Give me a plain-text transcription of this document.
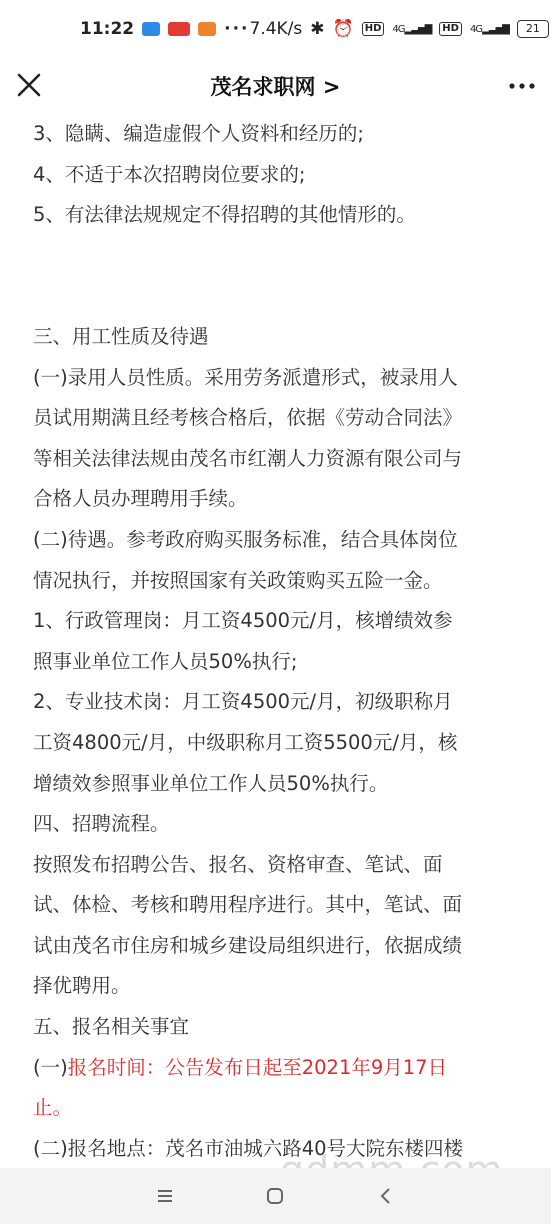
11:22	··· 7.4K/s ✱ ⏰	HD	4G▂▃▅▇	HD	4G▂▃▅▇	21
茂名求职网 >
3、隐瞒、编造虚假个人资料和经历的;
4、不适于本次招聘岗位要求的;
5、有法律法规规定不得招聘的其他情形的。
三、用工性质及待遇
(一)录用人员性质。采用劳务派遣形式，被录用人
员试用期满且经考核合格后，依据《劳动合同法》
等相关法律法规由茂名市红潮人力资源有限公司与
合格人员办理聘用手续。
(二)待遇。参考政府购买服务标准，结合具体岗位
情况执行，并按照国家有关政策购买五险一金。
1、行政管理岗：月工资4500元/月，核增绩效参
照事业单位工作人员50%执行;
2、专业技术岗：月工资4500元/月，初级职称月
工资4800元/月，中级职称月工资5500元/月，核
增绩效参照事业单位工作人员50%执行。
四、招聘流程。
按照发布招聘公告、报名、资格审查、笔试、面
试、体检、考核和聘用程序进行。其中，笔试、面
试由茂名市住房和城乡建设局组织进行，依据成绩
择优聘用。
五、报名相关事宜
(一)报名时间：公告发布日起至2021年9月17日
止。
(二)报名地点：茂名市油城六路40号大院东楼四楼
